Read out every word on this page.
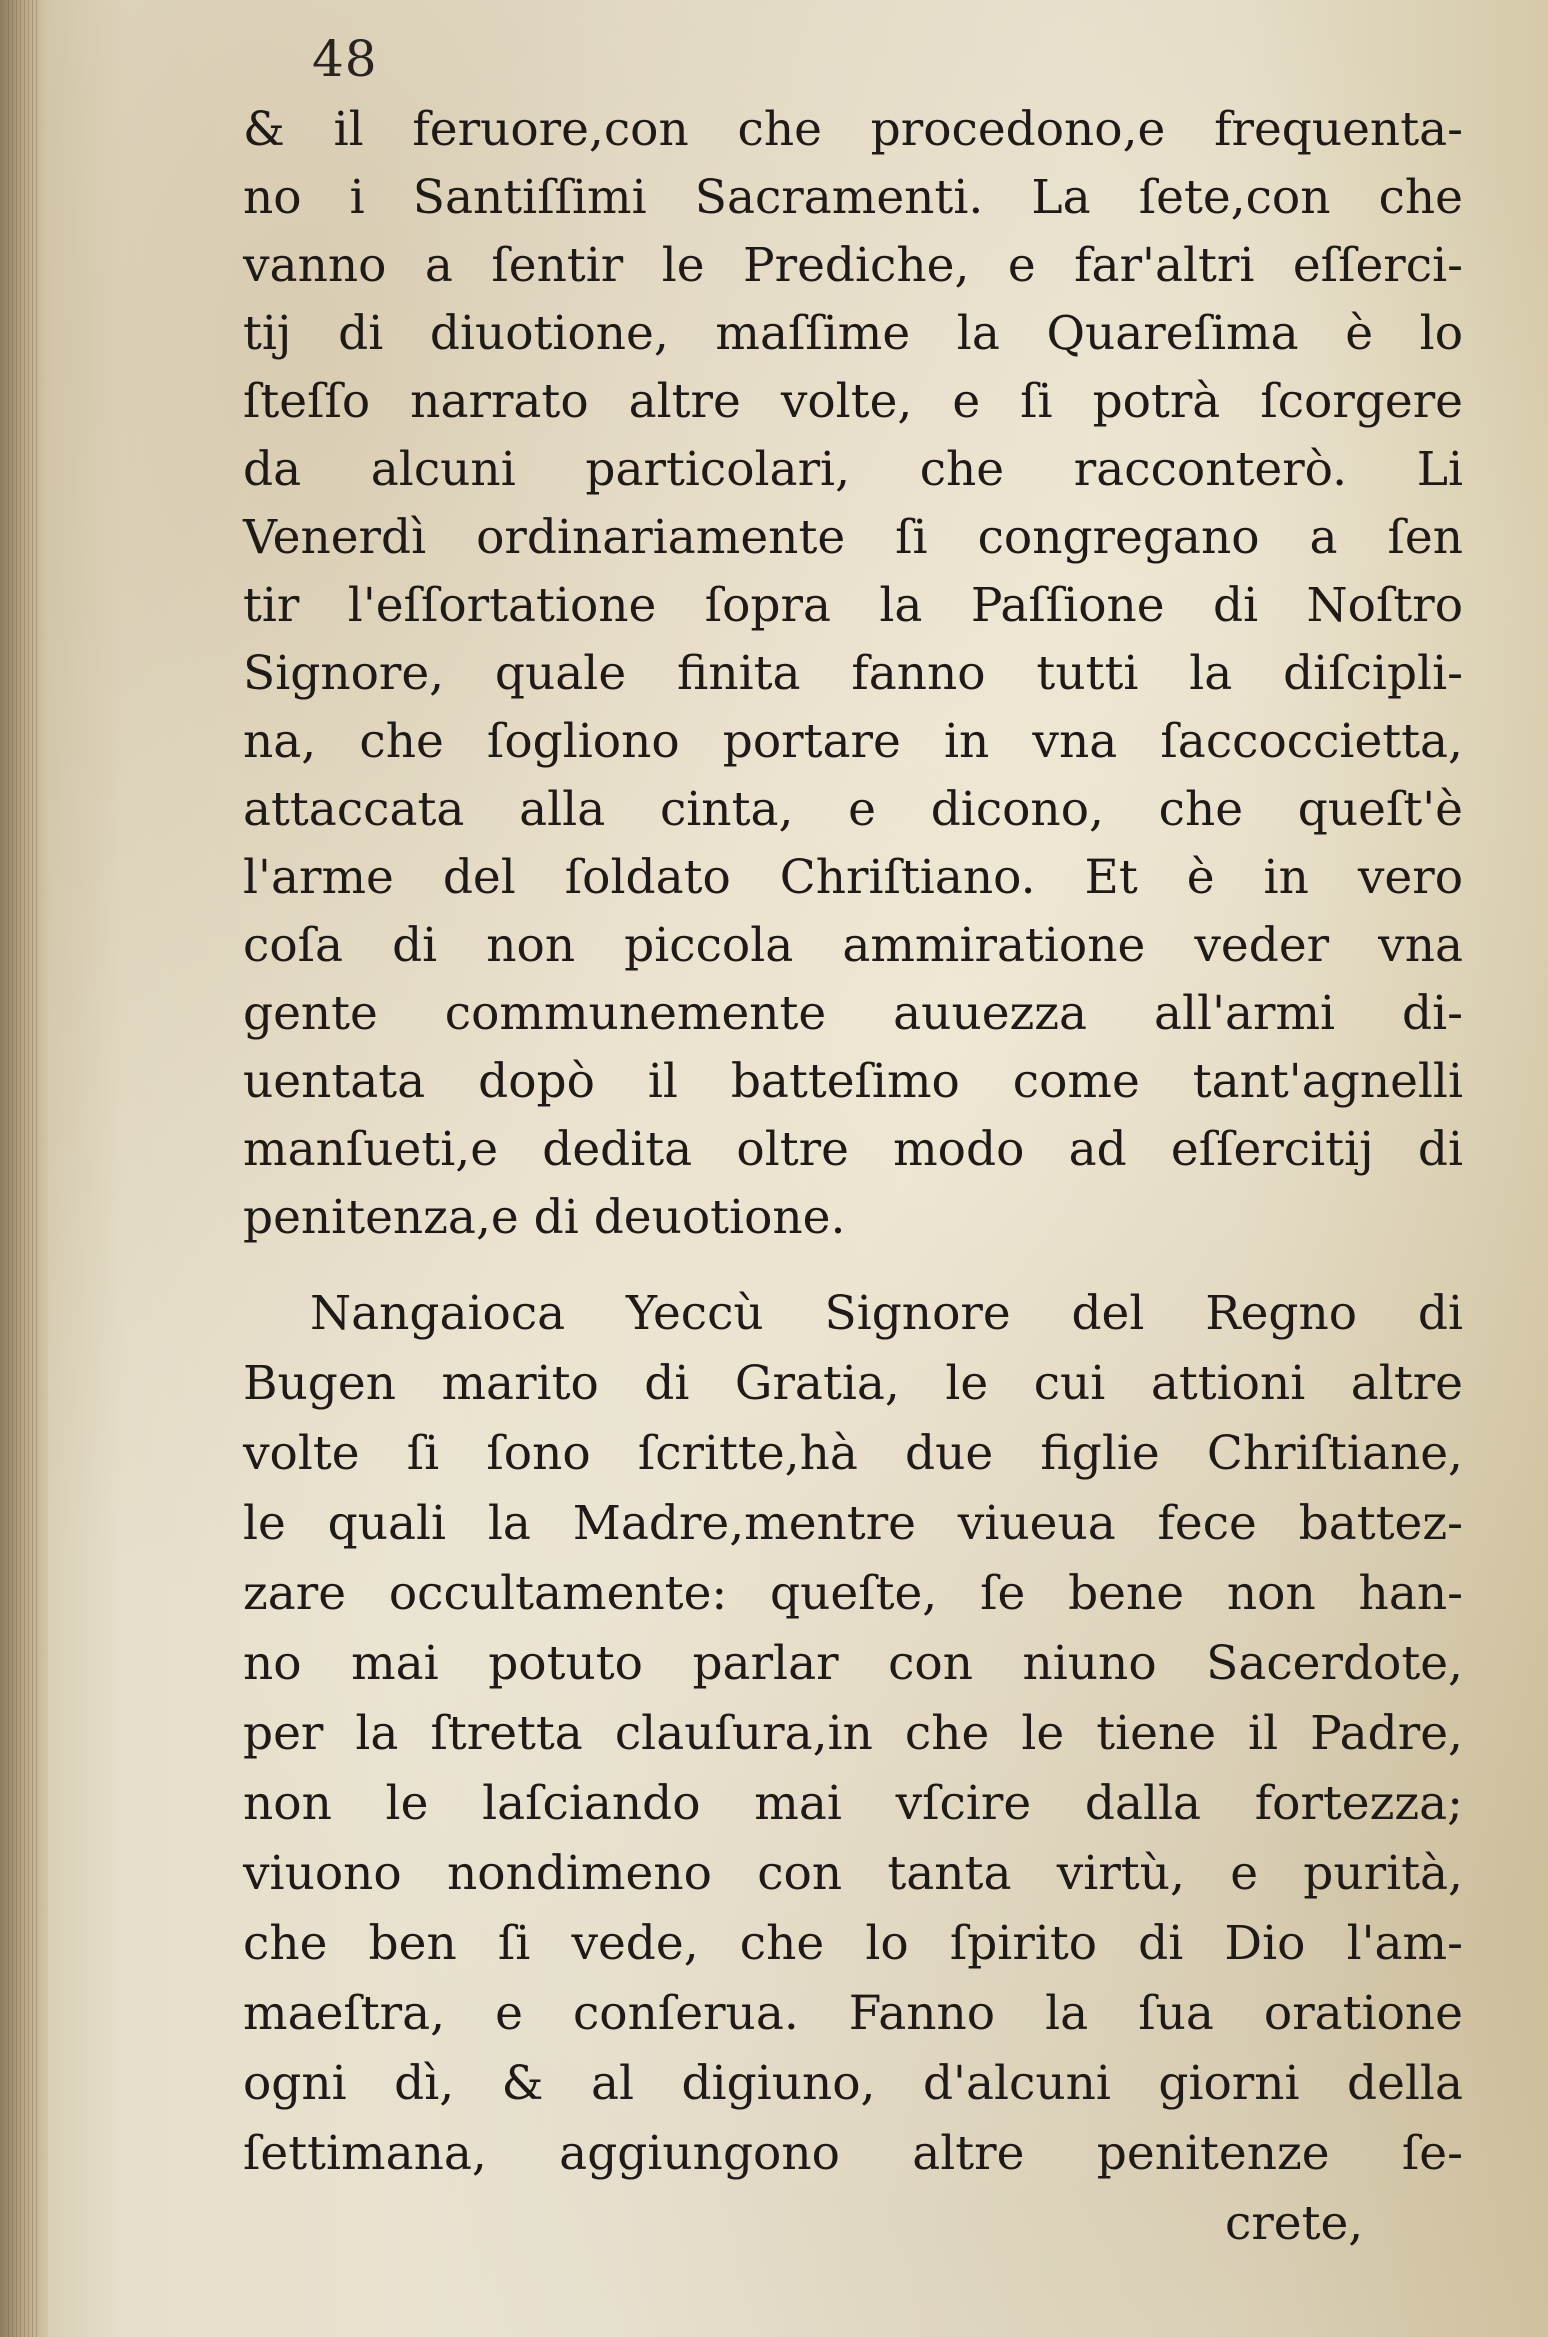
48
& il feruore,con che procedono,e frequenta-
no i Santiſſimi Sacramenti. La ſete,con che
vanno a ſentir le Prediche, e far'altri eſſerci-
tij di diuotione, maſſime la Quareſima è lo
ſteſſo narrato altre volte, e ſi potrà ſcorgere
da alcuni particolari, che racconterò. Li
Venerdì ordinariamente ſi congregano a ſen
tir l'eſſortatione ſopra la Paſſione di Noſtro
Signore, quale finita fanno tutti la diſcipli-
na, che ſogliono portare in vna ſaccoccietta,
attaccata alla cinta, e dicono, che queſt'è
l'arme del ſoldato Chriſtiano. Et è in vero
coſa di non piccola ammiratione veder vna
gente communemente auuezza all'armi di-
uentata dopò il batteſimo come tant'agnelli
manſueti,e dedita oltre modo ad eſſercitij di
penitenza,e di deuotione.
Nangaioca Yeccù Signore del Regno di
Bugen marito di Gratia, le cui attioni altre
volte ſi ſono ſcritte,hà due figlie Chriſtiane,
le quali la Madre,mentre viueua fece battez-
zare occultamente: queſte, ſe bene non han-
no mai potuto parlar con niuno Sacerdote,
per la ſtretta clauſura,in che le tiene il Padre,
non le laſciando mai vſcire dalla fortezza;
viuono nondimeno con tanta virtù, e purità,
che ben ſi vede, che lo ſpirito di Dio l'am-
maeſtra, e conſerua. Fanno la ſua oratione
ogni dì, & al digiuno, d'alcuni giorni della
ſettimana, aggiungono altre penitenze ſe-
crete,
